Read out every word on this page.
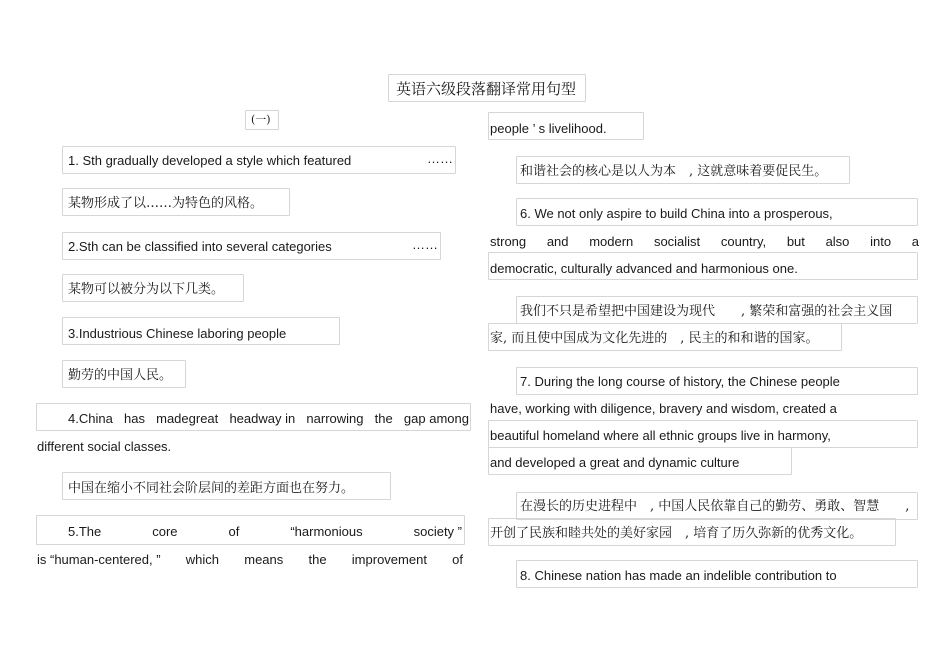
英语六级段落翻译常用句型
(一)
1. Sth gradually developed a style which featured	……
某物形成了以……为特色的风格。
2.Sth can be classified into several categories	……
某物可以被分为以下几类。
3.Industrious Chinese laboring people
勤劳的中国人民。
4.China has madegreat headway in narrowing the gap among
different social classes.
中国在缩小不同社会阶层间的差距方面也在努力。
5.The	core	of	“harmonious	society ”
is “human-centered, ” which means the improvement of
people ’ s livelihood.
和谐社会的核心是以人为本　, 这就意味着要促民生。
6. We not only aspire to build China into a prosperous,
strong and modern socialist country, but also into a
democratic, culturally advanced and harmonious one.
我们不只是希望把中国建设为现代　　, 繁荣和富强的社会主义国
家, 而且使中国成为文化先进的　, 民主的和和谐的国家。
7. During the long course of history, the Chinese people
have, working with diligence, bravery and wisdom, created a
beautiful homeland where all ethnic groups live in harmony,
and developed a great and dynamic culture
在漫长的历史进程中　, 中国人民依靠自己的勤劳、勇敢、智慧　　,
开创了民族和睦共处的美好家园　, 培育了历久弥新的优秀文化。
8. Chinese nation has made an indelible contribution to
